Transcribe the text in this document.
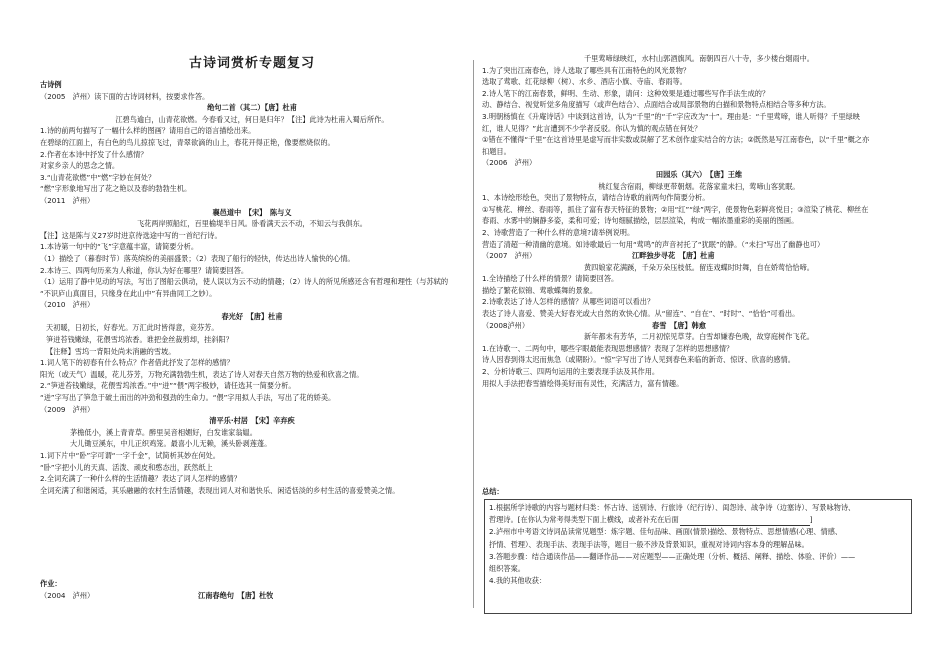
古诗词赏析专题复习
古诗例
（2005　泸州）读下面的古诗词材料，按要求作答。
绝句二首（其二）【唐】杜甫
江碧鸟逾白，山青花欲燃。今春看又过，何日是归年？【注】此诗为杜甫入蜀后所作。
1.诗的前两句描写了一幅什么样的图画？请用自己的语言描绘出来。
在碧绿的江面上，有白色的鸟儿掠掠飞过，青翠欲滴的山上，春花开得正艳，像要燃烧似的。
2.作者在本诗中抒发了什么感情？
对家乡亲人的思念之情。
3.“山青花欲燃”中“燃”字妙在何处？
“燃”字形象地写出了花之艳以及春的勃勃生机。
（2011　泸州）
襄邑道中　【宋】　陈与义
飞花两岸照船红，百里榆堤半日风。卧看满天云不动，不知云与我俱东。
【注】这是陈与义27岁时进京待选途中写的一首纪行诗。
1.本诗第一句中的“飞”字意蕴丰富，请简要分析。
（1）描绘了（暮春时节）落英缤纷的美丽盛景；（2）表现了船行的轻快，传达出诗人愉快的心情。
2.本诗三、四两句历来为人称道，你认为好在哪里？请简要回答。
（1）运用了静中见动的写法，写出了图船云俱动，使人误以为云不动的情趣；（2）诗人的所见所感还含有哲理和理性（与苏轼的
“不识庐山真面目，只缘身在此山中”有异曲同工之妙）。
（2010　泸州）
春光好　【唐】杜甫
天初暖，日初长，好春光。万汇此时皆得意，竞芬芳。
笋迸苔钱嫩绿，花偎雪坞浓香。谁把金丝裁剪却，挂斜阳？
【注释】雪坞一背阳处尚未消融的雪坡。
1.词人笔下的初春有什么特点？作者借此抒发了怎样的感情？
阳光（或天气）温暖，花儿芬芳，万物充满勃勃生机，表达了诗人对春天自然万物的热爱和欣喜之情。
2.“笋迸苔钱嫩绿，花偎雪坞浓香。”中“迸”“偎”两字极妙，请任选其一简要分析。
“迸”字写出了笋急于破土而出的冲劲和强劲的生命力。“偎”字用拟人手法，写出了花的娇美。
（2009　泸州）
清平乐·村居　【宋】辛弃疾
茅檐低小，溪上青青草。醉里吴音相媚好，白发谁家翁媪。
大儿锄豆溪东，中儿正织鸡笼。最喜小儿无赖，溪头卧剥莲蓬。
1.词下片中“卧”字可谓“一字千金”，试简析其妙在何处。
“卧”字把小儿的天真、活泼、顽皮和憨态出，跃然纸上
2.全词充满了一种什么样的生活情趣？表达了词人怎样的感情？
全词充满了和谐闲适，其乐融融的农村生活情趣，表现出词人对和谐快乐、闲适恬淡的乡村生活的喜爱赞美之情。
作业：
（2004　泸州）	江南春绝句　【唐】杜牧
千里莺啼绿映红，水村山郭酒旗风。南朝四百八十寺，多少楼台烟雨中。
1.为了突出江南春色，诗人选取了哪些具有江南特色的风光景物？
选取了莺歌、红花绿柳（树）、水乡、酒店小旗、寺庙、春雨等。
2.诗人笔下的江南春景，鲜明、生动、形象，请问：这种效果是通过哪些写作手法生成的？
动、静结合、视觉听觉多角度描写（或声色结合）、点面结合或局部景物的白描和景物特点相结合等多种方法。
3.明朝杨慎在《升庵诗话》中谈到这首诗，认为“千里”的“千”字应改为“十”。理由是：“千里莺啼，谁人听得？千里绿映
红，谁人见得？”此言遭到不少学者反驳。你认为慎的观点错在何处？
①错在不懂得“千里”在这首诗里是虚写而非实数或误解了艺术创作虚实结合的方法；②既然是写江南春色，以“千里”概之亦
扣题目。
（2006　泸州）
田园乐（其六）　【唐】王维
桃红复含宿雨，柳绿更带朝烟。花落家童未扫，莺啼山客犹眠。
1、本诗绘形绘色，突出了景物特点，请结合诗歌的前两句作简要分析。
①写桃花、柳丝、春雨等，抓住了富有春天特征的景物；②用“红”“绿”两字，使景物色彩鲜亮悦目；③渲染了桃花、柳丝在
春雨、水雾中的娴静多姿，柔和可爱；诗句细腻描绘，层层渲染，构成一幅浓墨重彩的美丽的图画。
2、诗歌营造了一种什么样的意境?请举例说明。
营造了清超一种清幽的意境。如诗歌最后一句用“莺鸣”的声音衬托了“犹眠”的静。（“未扫”写出了幽静也可）
（2007　泸州）	江畔独步寻花　【唐】杜甫
黄四娘家花满蹊，千朵万朵压枝低。留连戏蝶时时舞，自在娇莺恰恰啼。
1.全诗描绘了什么样的情景？请简要回答。
描绘了繁花似锦、莺歌蝶舞的景象。
2.诗歌表达了诗人怎样的感情？从哪些词语可以看出？
表达了诗人喜爱、赞美大好春光或大自然的欢快心情。从“留连”、“自在”、“时时”、“恰恰”可看出。
（2008泸州）	春雪　【唐】韩愈
新年都未有芳华，二月初惊见草芽。白雪却嫌春色晚，故穿庭树作飞花。
1.在诗歌一、二两句中，哪些字眼最能表现思想感情？表现了怎样的思想感情？
诗人因春到得太迟而焦急（或期盼）。“惊”字写出了诗人见到春色来临的新奇、惊讶、欣喜的感情。
2、分析诗歌三、四两句运用的主要表现手法及其作用。
用拟人手法把春雪描绘得美好而有灵性，充满活力，富有情趣。
总结：
1.根据所学诗歌的内容与题材归类：怀古诗、送别诗、行旅诗（纪行诗）、闺怨诗、战争诗（边塞诗）、写景咏物诗、
哲理诗。[在你认为常考得类型下面上横线，或者补充在后面	]
2.泸州市中考语文诗词品读常见题型：炼字题、佳句品味、画面(情景)描绘、景物特点、思想情感(心理、情感、
抒情、哲理）、表现手法、表现手法等，题目一般不涉及背景知识，重视对诗词内容本身的理解品味。
3.答题步骤：结合通读作品——翻译作品——对应题型——正确处理（分析、概括、阐释、描绘、体验、评价）——
组织答案。
4.我的其他收获：
